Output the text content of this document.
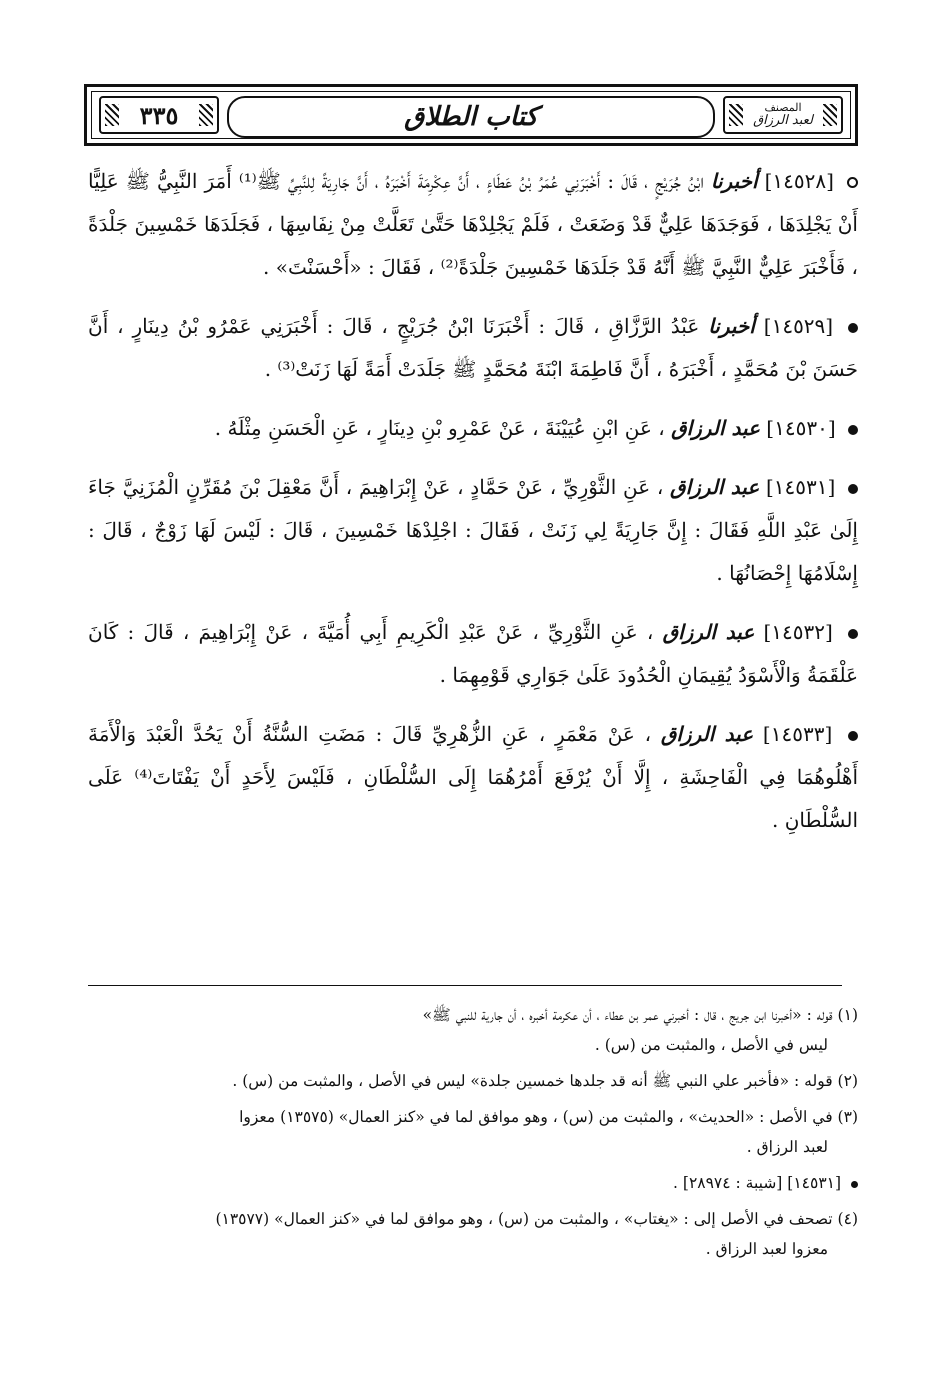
المصنف
لعبد الرزاق
كتاب الطلاق
٣٣٥

[١٤٥٢٨] أخبرنا ابْنُ جُرَيْجٍ ، قَالَ : أَخْبَرَنِي عُمَرُ بْنُ عَطَاءٍ ، أَنَّ عِكْرِمَةَ أَخْبَرَهُ ، أَنَّ جَارِيَةً لِلنَّبِيِّ ﷺ⁽¹⁾ أَمَرَ النَّبِيُّ ﷺ عَلِيًّا أَنْ يَجْلِدَهَا ، فَوَجَدَهَا عَلِيٌّ قَدْ وَضَعَتْ ، فَلَمْ يَجْلِدْهَا حَتَّىٰ تَعَلَّتْ مِنْ نِفَاسِهَا ، فَجَلَدَهَا خَمْسِينَ جَلْدَةً ، فَأَخْبَرَ عَلِيٌّ النَّبِيَّ ﷺ أَنَّهُ قَدْ جَلَدَهَا خَمْسِينَ جَلْدَةً⁽²⁾ ، فَقَالَ : «أَحْسَنْتَ» .

[١٤٥٢٩] أخبرنا عَبْدُ الرَّزَّاقِ ، قَالَ : أَخْبَرَنَا ابْنُ جُرَيْجٍ ، قَالَ : أَخْبَرَنِي عَمْرُو بْنُ دِينَارٍ ، أَنَّ حَسَنَ بْنَ مُحَمَّدٍ ، أَخْبَرَهُ ، أَنَّ فَاطِمَةَ ابْنَةَ مُحَمَّدٍ ﷺ جَلَدَتْ أَمَةً لَهَا زَنَتْ⁽³⁾ .

[١٤٥٣٠] عبد الرزاق ، عَنِ ابْنِ عُيَيْنَةَ ، عَنْ عَمْرِو بْنِ دِينَارٍ ، عَنِ الْحَسَنِ مِثْلَهُ .

[١٤٥٣١] عبد الرزاق ، عَنِ الثَّوْرِيِّ ، عَنْ حَمَّادٍ ، عَنْ إِبْرَاهِيمَ ، أَنَّ مَعْقِلَ بْنَ مُقَرِّنٍ الْمُزَنِيَّ جَاءَ إِلَىٰ عَبْدِ اللَّهِ فَقَالَ : إِنَّ جَارِيَةً لِي زَنَتْ ، فَقَالَ : اجْلِدْهَا خَمْسِينَ ، قَالَ : لَيْسَ لَهَا زَوْجٌ ، قَالَ : إِسْلَامُهَا إِحْصَانُهَا .

[١٤٥٣٢] عبد الرزاق ، عَنِ الثَّوْرِيِّ ، عَنْ عَبْدِ الْكَرِيمِ أَبِي أُمَيَّةَ ، عَنْ إِبْرَاهِيمَ ، قَالَ : كَانَ عَلْقَمَةُ وَالْأَسْوَدُ يُقِيمَانِ الْحُدُودَ عَلَىٰ جَوَارِي قَوْمِهِمَا .

[١٤٥٣٣] عبد الرزاق ، عَنْ مَعْمَرٍ ، عَنِ الزُّهْرِيِّ قَالَ : مَضَتِ السُّنَّةُ أَنْ يَحُدَّ الْعَبْدَ وَالْأَمَةَ أَهْلُوهُمَا فِي الْفَاحِشَةِ ، إِلَّا أَنْ يُرْفَعَ أَمْرُهُمَا إِلَى السُّلْطَانِ ، فَلَيْسَ لِأَحَدٍ أَنْ يَفْتَاتَ⁽⁴⁾ عَلَى السُّلْطَانِ .

(١) قوله : «أخبرنا ابن جريج ، قال : أخبرني عمر بن عطاء ، أن عكرمة أخبره ، أن جارية للنبي ﷺ»
ليس في الأصل ، والمثبت من (س) .

(٢) قوله : «فأخبر علي النبي ﷺ أنه قد جلدها خمسين جلدة» ليس في الأصل ، والمثبت من (س) .

(٣) في الأصل : «الحديث» ، والمثبت من (س) ، وهو موافق لما في «كنز العمال» (١٣٥٧٥) معزوا
لعبد الرزاق .

[١٤٥٣١] [شيبة : ٢٨٩٧٤] .

(٤) تصحف في الأصل إلى : «يغتاب» ، والمثبت من (س) ، وهو موافق لما في «كنز العمال» (١٣٥٧٧)
معزوا لعبد الرزاق .
